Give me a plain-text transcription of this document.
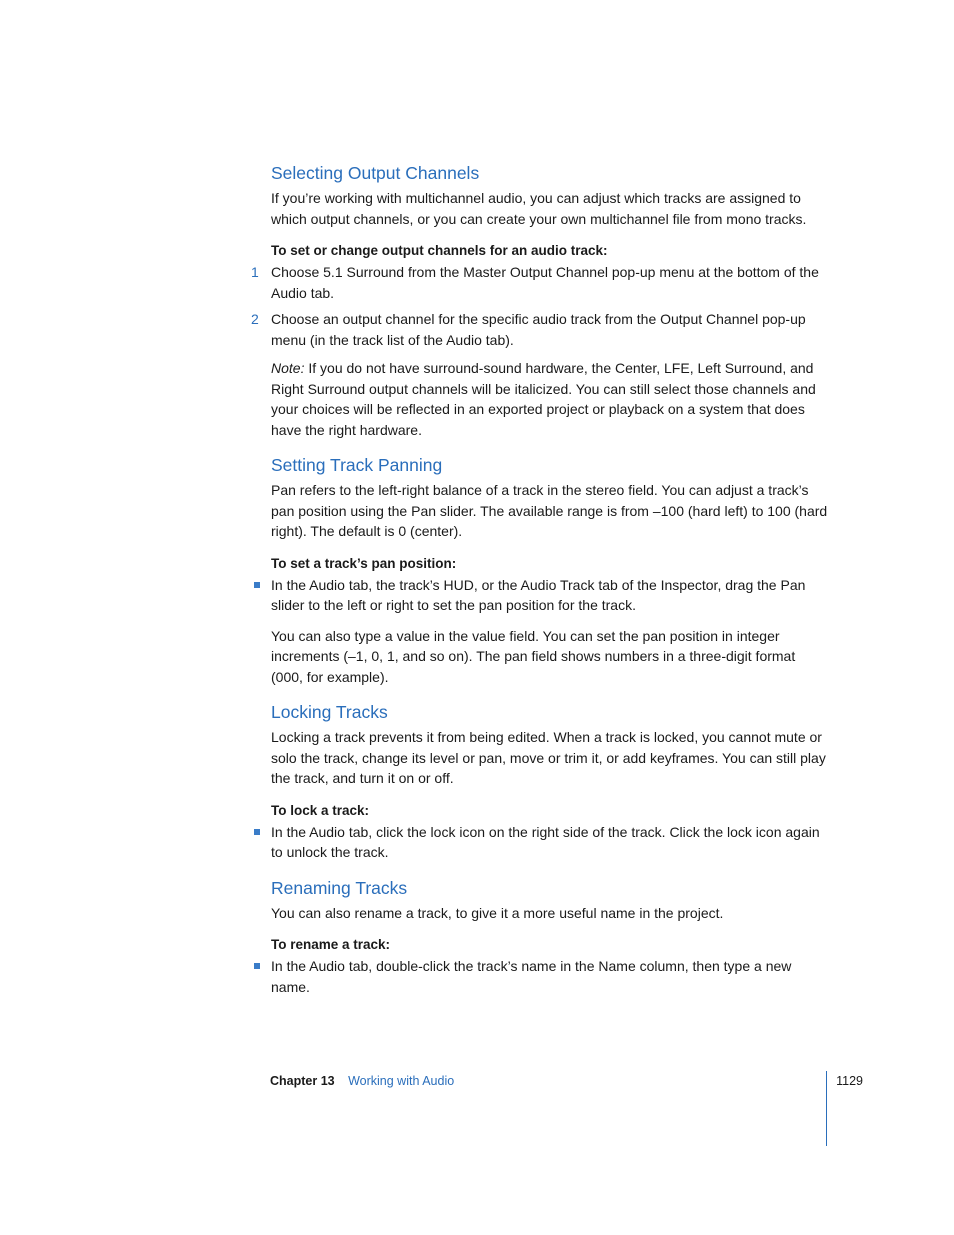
Selecting Output Channels

If you’re working with multichannel audio, you can adjust which tracks are assigned to which output channels, or you can create your own multichannel file from mono tracks.

To set or change output channels for an audio track:

1 Choose 5.1 Surround from the Master Output Channel pop-up menu at the bottom of the Audio tab.

2 Choose an output channel for the specific audio track from the Output Channel pop-up menu (in the track list of the Audio tab).

Note: If you do not have surround-sound hardware, the Center, LFE, Left Surround, and Right Surround output channels will be italicized. You can still select those channels and your choices will be reflected in an exported project or playback on a system that does have the right hardware.

Setting Track Panning

Pan refers to the left-right balance of a track in the stereo field. You can adjust a track’s pan position using the Pan slider. The available range is from –100 (hard left) to 100 (hard right). The default is 0 (center).

To set a track’s pan position:

In the Audio tab, the track’s HUD, or the Audio Track tab of the Inspector, drag the Pan slider to the left or right to set the pan position for the track.

You can also type a value in the value field. You can set the pan position in integer increments (–1, 0, 1, and so on). The pan field shows numbers in a three-digit format (000, for example).

Locking Tracks

Locking a track prevents it from being edited. When a track is locked, you cannot mute or solo the track, change its level or pan, move or trim it, or add keyframes. You can still play the track, and turn it on or off.

To lock a track:

In the Audio tab, click the lock icon on the right side of the track. Click the lock icon again to unlock the track.

Renaming Tracks

You can also rename a track, to give it a more useful name in the project.

To rename a track:

In the Audio tab, double-click the track’s name in the Name column, then type a new name.

Chapter 13 Working with Audio	1129
